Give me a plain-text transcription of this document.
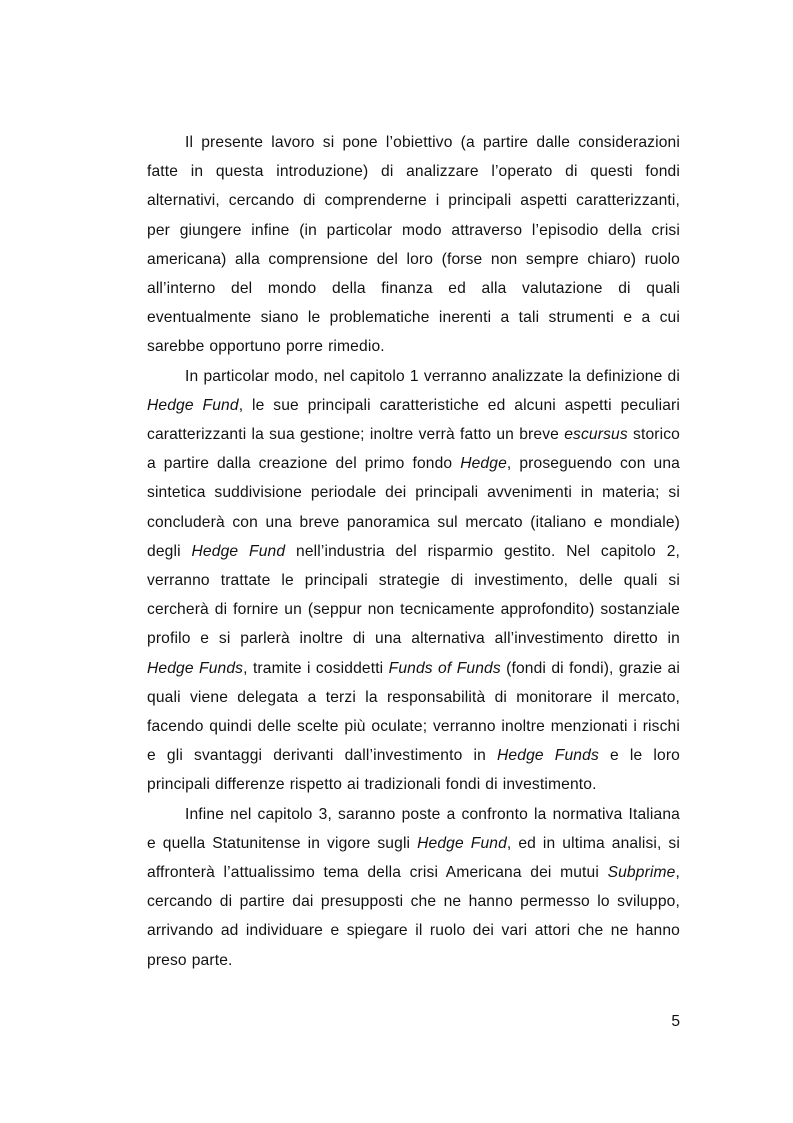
Il presente lavoro si pone l’obiettivo (a partire dalle considerazioni fatte in questa introduzione) di analizzare l’operato di questi fondi alternativi, cercando di comprenderne i principali aspetti caratterizzanti, per giungere infine (in particolar modo attraverso l’episodio della crisi americana) alla comprensione del loro (forse non sempre chiaro) ruolo all’interno del mondo della finanza ed alla valutazione di quali eventualmente siano le problematiche inerenti a tali strumenti e a cui sarebbe opportuno porre rimedio.

In particolar modo, nel capitolo 1 verranno analizzate la definizione di Hedge Fund, le sue principali caratteristiche ed alcuni aspetti peculiari caratterizzanti la sua gestione; inoltre verrà fatto un breve escursus storico a partire dalla creazione del primo fondo Hedge, proseguendo con una sintetica suddivisione periodale dei principali avvenimenti in materia; si concluderà con una breve panoramica sul mercato (italiano e mondiale) degli Hedge Fund nell’industria del risparmio gestito. Nel capitolo 2, verranno trattate le principali strategie di investimento, delle quali si cercherà di fornire un (seppur non tecnicamente approfondito) sostanziale profilo e si parlerà inoltre di una alternativa all’investimento diretto in Hedge Funds, tramite i cosiddetti Funds of Funds (fondi di fondi), grazie ai quali viene delegata a terzi la responsabilità di monitorare il mercato, facendo quindi delle scelte più oculate; verranno inoltre menzionati i rischi e gli svantaggi derivanti dall’investimento in Hedge Funds e le loro principali differenze rispetto ai tradizionali fondi di investimento.

Infine nel capitolo 3, saranno poste a confronto la normativa Italiana e quella Statunitense in vigore sugli Hedge Fund, ed in ultima analisi, si affronterà l’attualissimo tema della crisi Americana dei mutui Subprime, cercando di partire dai presupposti che ne hanno permesso lo sviluppo, arrivando ad individuare e spiegare il ruolo dei vari attori che ne hanno preso parte.

5
